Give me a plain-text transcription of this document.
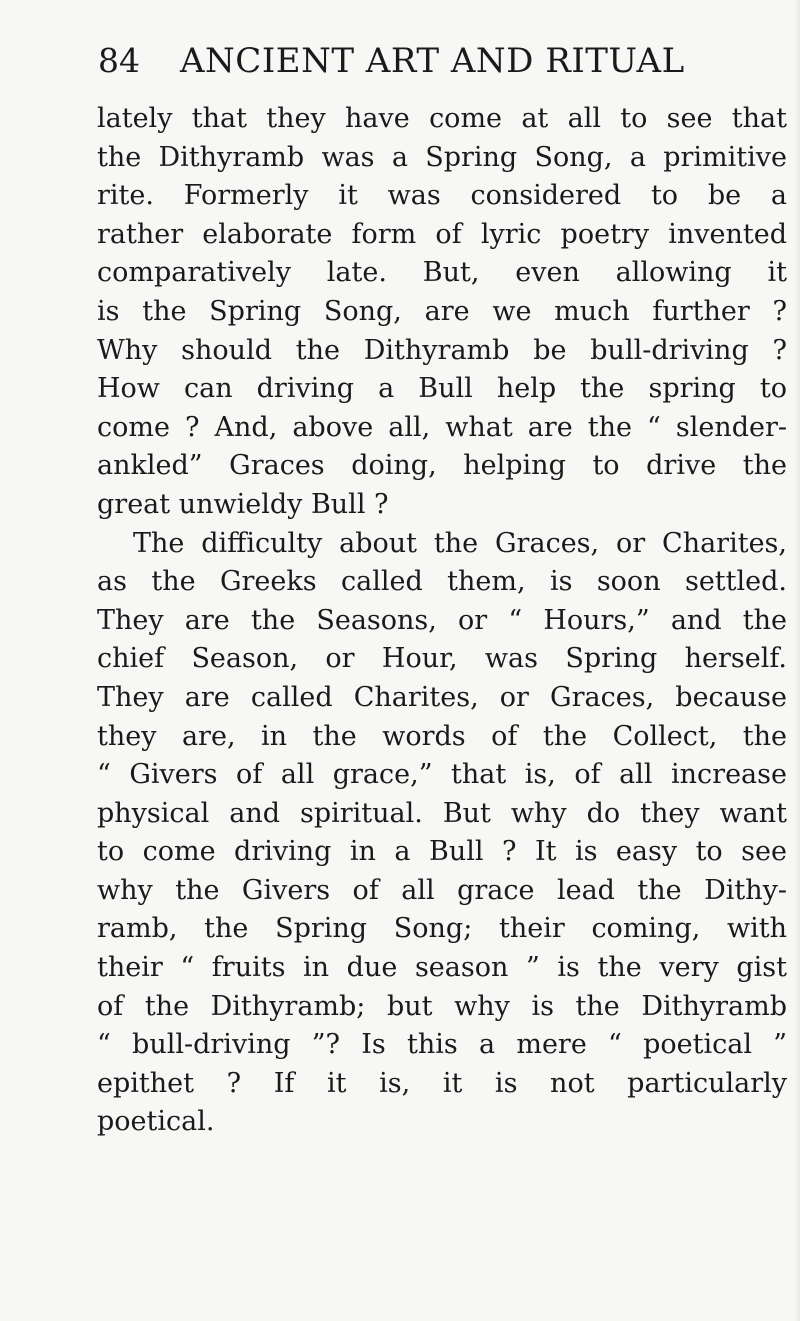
84 ANCIENT ART AND RITUAL
lately that they have come at all to see that
the Dithyramb was a Spring Song, a primitive
rite. Formerly it was considered to be a
rather elaborate form of lyric poetry invented
comparatively late. But, even allowing it
is the Spring Song, are we much further ?
Why should the Dithyramb be bull-driving ?
How can driving a Bull help the spring to
come ? And, above all, what are the “ slender-
ankled” Graces doing, helping to drive the
great unwieldy Bull ?
The difficulty about the Graces, or Charites,
as the Greeks called them, is soon settled.
They are the Seasons, or “ Hours,” and the
chief Season, or Hour, was Spring herself.
They are called Charites, or Graces, because
they are, in the words of the Collect, the
“ Givers of all grace,” that is, of all increase
physical and spiritual. But why do they want
to come driving in a Bull ? It is easy to see
why the Givers of all grace lead the Dithy-
ramb, the Spring Song; their coming, with
their “ fruits in due season ” is the very gist
of the Dithyramb; but why is the Dithyramb
“ bull-driving ”? Is this a mere “ poetical ”
epithet ? If it is, it is not particularly
poetical.
